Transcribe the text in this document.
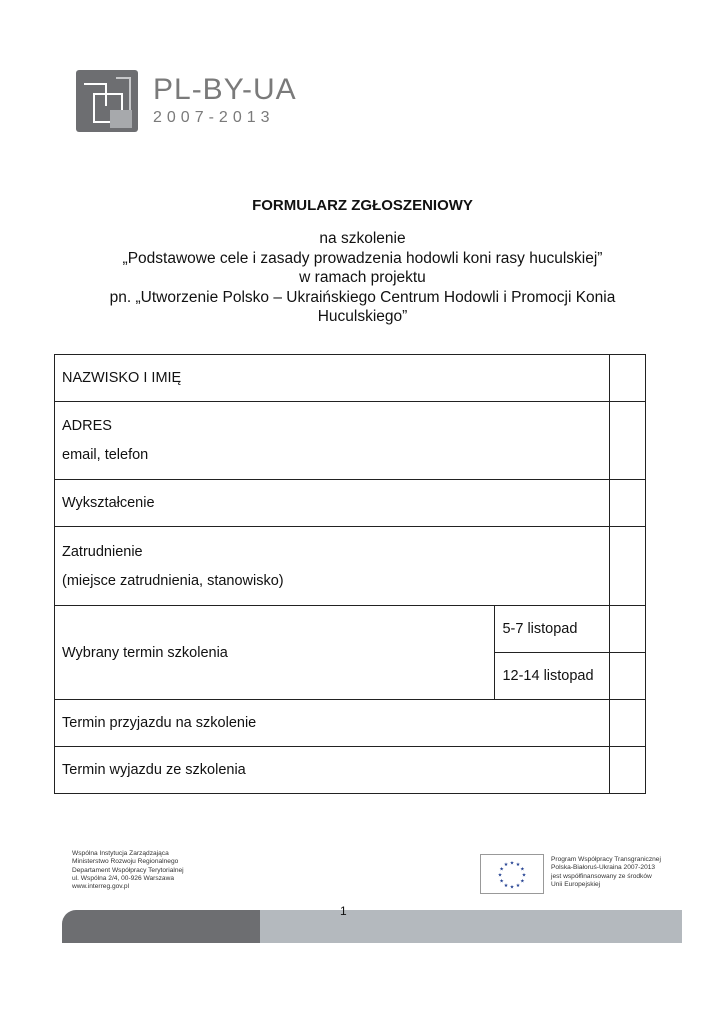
PL-BY-UA
2007-2013
FORMULARZ ZGŁOSZENIOWY
na szkolenie
„Podstawowe cele i zasady prowadzenia hodowli koni rasy huculskiej”
w ramach projektu
pn. „Utworzenie Polsko – Ukraińskiego Centrum Hodowli i Promocji Konia
Huculskiego”
NAZWISKO I IMIĘ		

ADRES
email, telefon		

Wykształcenie		

Zatrudnienie
(miejsce zatrudnienia, stanowisko)		

Wybrany termin szkolenia	5-7 listopad	
	12-14 listopad	
Termin przyjazdu na szkolenie		
Termin wyjazdu ze szkolenia		
Wspólna Instytucja Zarządzająca
Ministerstwo Rozwoju Regionalnego
Departament Współpracy Terytorialnej
ul. Wspólna 2/4, 00-926 Warszawa
www.interreg.gov.pl
★
★
★
★
★
★
★
★
★ ★ ★
★
Program Współpracy Transgranicznej
Polska-Białoruś-Ukraina 2007-2013
jest współfinansowany ze środków
Unii Europejskiej
1
